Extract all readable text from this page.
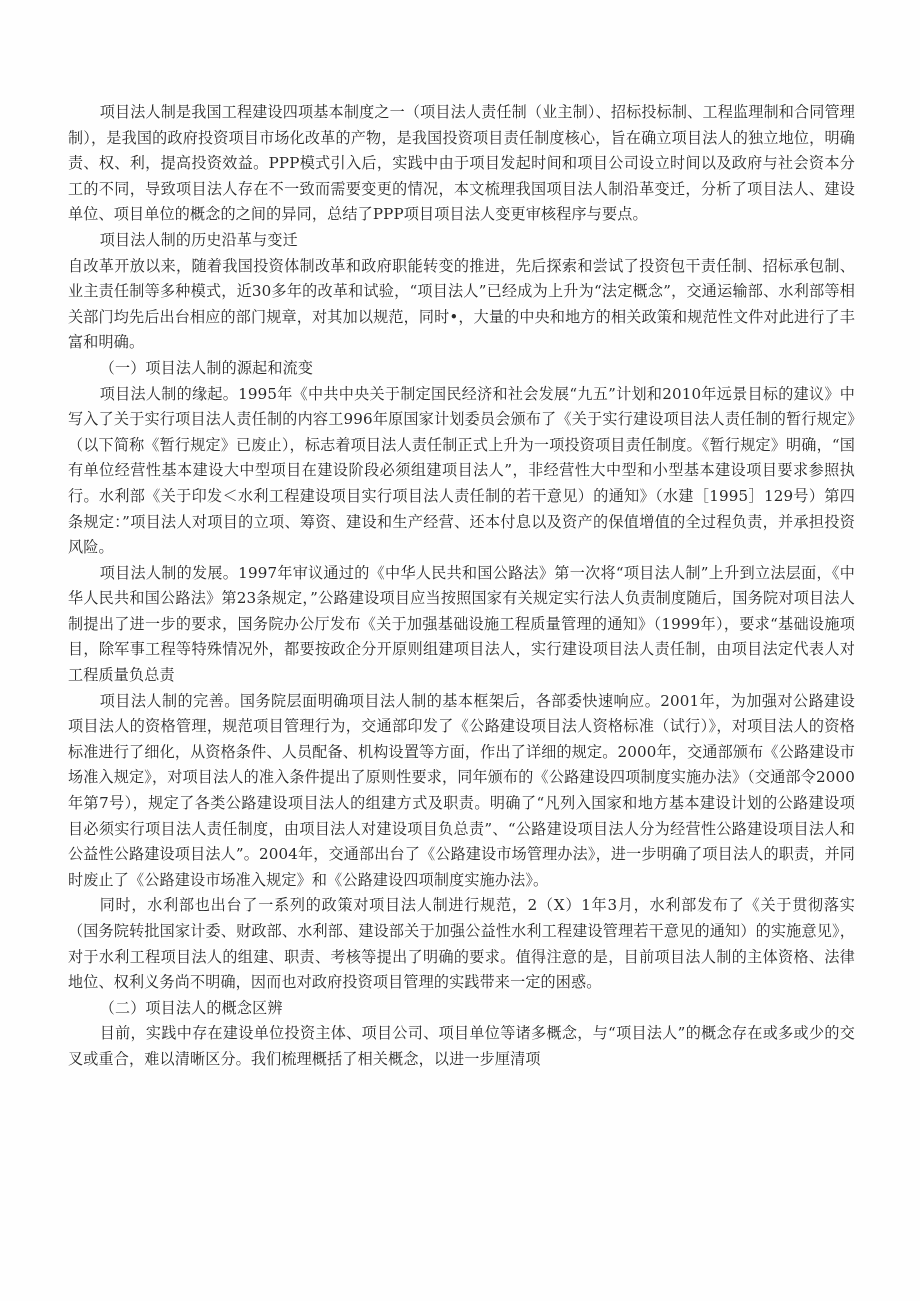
项目法人制是我国工程建设四项基本制度之一（项目法人责任制（业主制）、招标投标制、工程监理制和合同管理制），是我国的政府投资项目市场化改革的产物，是我国投资项目责任制度核心，旨在确立项目法人的独立地位，明确责、权、利，提高投资效益。PPP模式引入后，实践中由于项目发起时间和项目公司设立时间以及政府与社会资本分工的不同，导致项目法人存在不一致而需要变更的情况，本文梳理我国项目法人制沿革变迁，分析了项目法人、建设单位、项目单位的概念的之间的异同，总结了PPP项目项目法人变更审核程序与要点。

项目法人制的历史沿革与变迁

自改革开放以来，随着我国投资体制改革和政府职能转变的推进，先后探索和尝试了投资包干责任制、招标承包制、业主责任制等多种模式，近30多年的改革和试验，“项目法人”已经成为上升为“法定概念”，交通运输部、水利部等相关部门均先后出台相应的部门规章，对其加以规范，同时•，大量的中央和地方的相关政策和规范性文件对此进行了丰富和明确。

（一）项目法人制的源起和流变

项目法人制的缘起。1995年《中共中央关于制定国民经济和社会发展“九五”计划和2010年远景目标的建议》中写入了关于实行项目法人责任制的内容工996年原国家计划委员会颁布了《关于实行建设项目法人责任制的暂行规定》（以下简称《暂行规定》已废止），标志着项目法人责任制正式上升为一项投资项目责任制度。《暂行规定》明确，“国有单位经营性基本建设大中型项目在建设阶段必须组建项目法人”，非经营性大中型和小型基本建设项目要求参照执行。水利部《关于印发＜水利工程建设项目实行项目法人责任制的若干意见）的通知》（水建［1995］129号）第四条规定：”项目法人对项目的立项、筹资、建设和生产经营、还本付息以及资产的保值增值的全过程负责，并承担投资风险。

项目法人制的发展。1997年审议通过的《中华人民共和国公路法》第一次将“项目法人制”上升到立法层面，《中华人民共和国公路法》第23条规定，”公路建设项目应当按照国家有关规定实行法人负责制度随后，国务院对项目法人制提出了进一步的要求，国务院办公厅发布《关于加强基础设施工程质量管理的通知》（1999年），要求“基础设施项目，除军事工程等特殊情况外，都要按政企分开原则组建项目法人，实行建设项目法人责任制，由项目法定代表人对工程质量负总责

项目法人制的完善。国务院层面明确项目法人制的基本框架后，各部委快速响应。2001年，为加强对公路建设项目法人的资格管理，规范项目管理行为，交通部印发了《公路建设项目法人资格标准（试行）》，对项目法人的资格标准进行了细化，从资格条件、人员配备、机构设置等方面，作出了详细的规定。2000年，交通部颁布《公路建设市场准入规定》，对项目法人的准入条件提出了原则性要求，同年颁布的《公路建设四项制度实施办法》（交通部令2000年第7号），规定了各类公路建设项目法人的组建方式及职责。明确了“凡列入国家和地方基本建设计划的公路建设项目必须实行项目法人责任制度，由项目法人对建设项目负总责”、“公路建设项目法人分为经营性公路建设项目法人和公益性公路建设项目法人”。2004年，交通部出台了《公路建设市场管理办法》，进一步明确了项目法人的职责，并同时废止了《公路建设市场准入规定》和《公路建设四项制度实施办法》。

同时，水利部也出台了一系列的政策对项目法人制进行规范，2（X）1年3月，水利部发布了《关于贯彻落实（国务院转批国家计委、财政部、水利部、建设部关于加强公益性水利工程建设管理若干意见的通知）的实施意见》，对于水利工程项目法人的组建、职责、考核等提出了明确的要求。值得注意的是，目前项目法人制的主体资格、法律地位、权利义务尚不明确，因而也对政府投资项目管理的实践带来一定的困惑。

（二）项目法人的概念区辨

目前，实践中存在建设单位投资主体、项目公司、项目单位等诸多概念，与“项目法人”的概念存在或多或少的交叉或重合，难以清晰区分。我们梳理概括了相关概念，以进一步厘清项
